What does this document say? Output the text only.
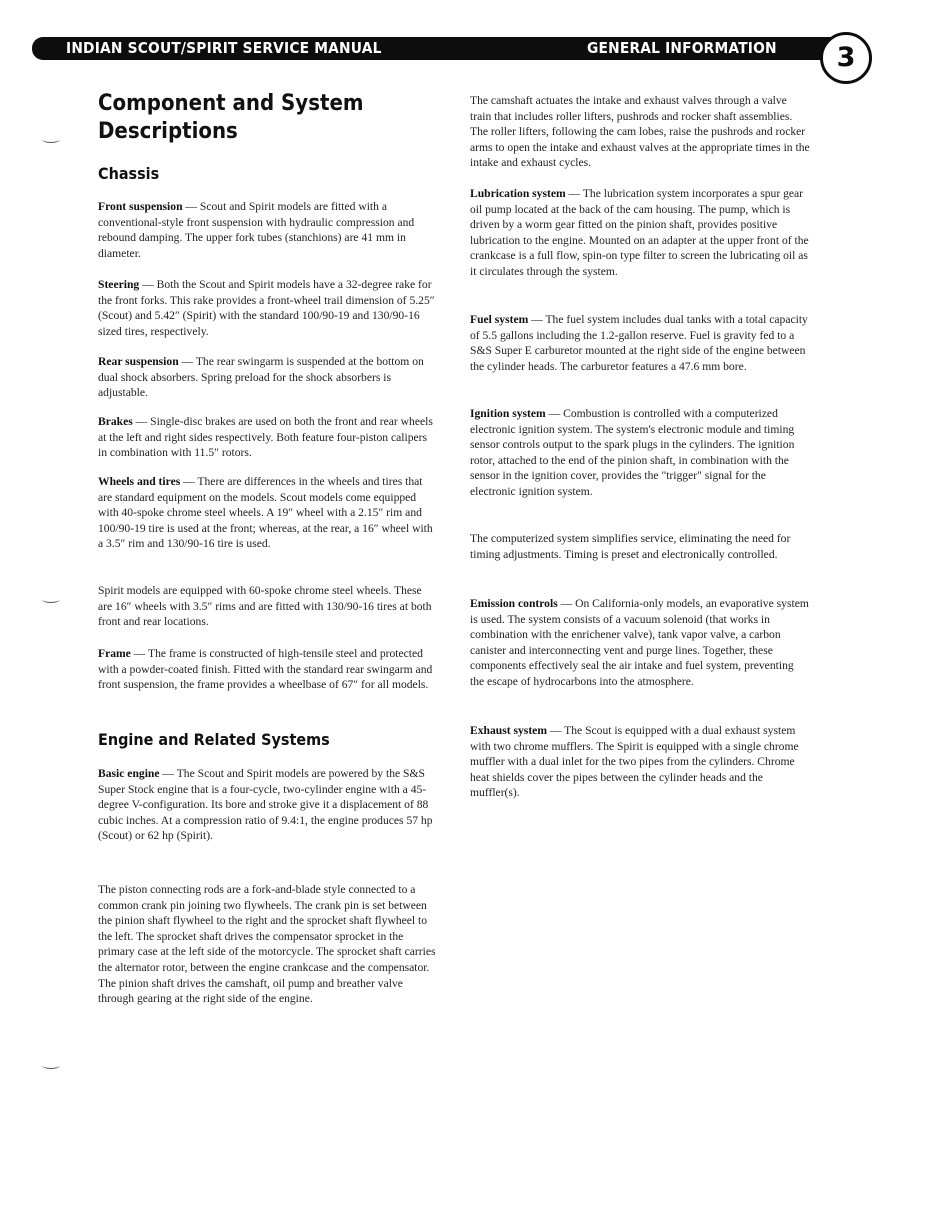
INDIAN SCOUT/SPIRIT SERVICE MANUAL	GENERAL INFORMATION	3
Component and System Descriptions
Chassis

Front suspension — Scout and Spirit models are fitted with a conventional-style front suspension with hydraulic compression and rebound damping. The upper fork tubes (stanchions) are 41 mm in diameter.

Steering — Both the Scout and Spirit models have a 32-degree rake for the front forks. This rake provides a front-wheel trail dimension of 5.25″ (Scout) and 5.42″ (Spirit) with the standard 100/90-19 and 130/90-16 sized tires, respectively.

Rear suspension — The rear swingarm is suspended at the bottom on dual shock absorbers. Spring preload for the shock absorbers is adjustable.

Brakes — Single-disc brakes are used on both the front and rear wheels at the left and right sides respectively. Both feature four-piston calipers in combination with 11.5″ rotors.

Wheels and tires — There are differences in the wheels and tires that are standard equipment on the models. Scout models come equipped with 40-spoke chrome steel wheels. A 19″ wheel with a 2.15″ rim and 100/90-19 tire is used at the front; whereas, at the rear, a 16″ wheel with a 3.5″ rim and 130/90-16 tire is used.

Spirit models are equipped with 60-spoke chrome steel wheels. These are 16″ wheels with 3.5″ rims and are fitted with 130/90-16 tires at both front and rear locations.

Frame — The frame is constructed of high-tensile steel and protected with a powder-coated finish. Fitted with the standard rear swingarm and front suspension, the frame provides a wheelbase of 67″ for all models.

Engine and Related Systems

Basic engine — The Scout and Spirit models are powered by the S&S Super Stock engine that is a four-cycle, two-cylinder engine with a 45-degree V-configuration. Its bore and stroke give it a displacement of 88 cubic inches. At a compression ratio of 9.4:1, the engine produces 57 hp (Scout) or 62 hp (Spirit).

The piston connecting rods are a fork-and-blade style connected to a common crank pin joining two flywheels. The crank pin is set between the pinion shaft flywheel to the right and the sprocket shaft flywheel to the left. The sprocket shaft drives the compensator sprocket in the primary case at the left side of the motorcycle. The sprocket shaft carries the alternator rotor, between the engine crankcase and the compensator. The pinion shaft drives the camshaft, oil pump and breather valve through gearing at the right side of the engine.

The camshaft actuates the intake and exhaust valves through a valve train that includes roller lifters, pushrods and rocker shaft assemblies. The roller lifters, following the cam lobes, raise the pushrods and rocker arms to open the intake and exhaust valves at the appropriate times in the intake and exhaust cycles.

Lubrication system — The lubrication system incorporates a spur gear oil pump located at the back of the cam housing. The pump, which is driven by a worm gear fitted on the pinion shaft, provides positive lubrication to the engine. Mounted on an adapter at the upper front of the crankcase is a full flow, spin-on type filter to screen the lubricating oil as it circulates through the system.

Fuel system — The fuel system includes dual tanks with a total capacity of 5.5 gallons including the 1.2-gallon reserve. Fuel is gravity fed to a S&S Super E carburetor mounted at the right side of the engine between the cylinder heads. The carburetor features a 47.6 mm bore.

Ignition system — Combustion is controlled with a computerized electronic ignition system. The system's electronic module and timing sensor controls output to the spark plugs in the cylinders. The ignition rotor, attached to the end of the pinion shaft, in combination with the sensor in the ignition cover, provides the "trigger" signal for the electronic ignition system.

The computerized system simplifies service, eliminating the need for timing adjustments. Timing is preset and electronically controlled.

Emission controls — On California-only models, an evaporative system is used. The system consists of a vacuum solenoid (that works in combination with the enrichener valve), tank vapor valve, a carbon canister and interconnecting vent and purge lines. Together, these components effectively seal the air intake and fuel system, preventing the escape of hydrocarbons into the atmosphere.

Exhaust system — The Scout is equipped with a dual exhaust system with two chrome mufflers. The Spirit is equipped with a single chrome muffler with a dual inlet for the two pipes from the cylinders. Chrome heat shields cover the pipes between the cylinder heads and the muffler(s).
